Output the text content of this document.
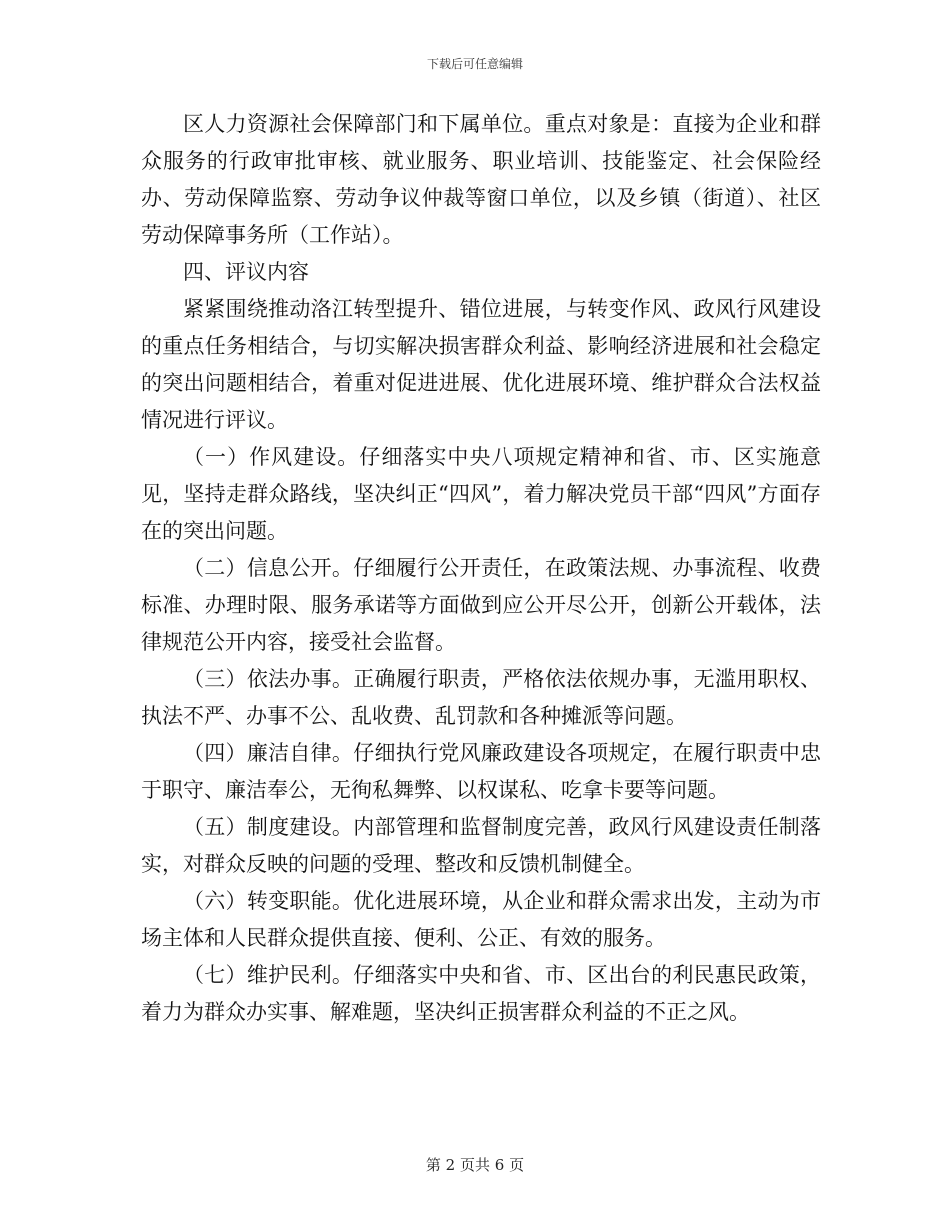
下载后可任意编辑

区人力资源社会保障部门和下属单位。重点对象是：直接为企业和群众服务的行政审批审核、就业服务、职业培训、技能鉴定、社会保险经办、劳动保障监察、劳动争议仲裁等窗口单位，以及乡镇（街道）、社区劳动保障事务所（工作站）。

四、评议内容

紧紧围绕推动洛江转型提升、错位进展，与转变作风、政风行风建设的重点任务相结合，与切实解决损害群众利益、影响经济进展和社会稳定的突出问题相结合，着重对促进进展、优化进展环境、维护群众合法权益情况进行评议。

（一）作风建设。仔细落实中央八项规定精神和省、市、区实施意见，坚持走群众路线，坚决纠正“四风”，着力解决党员干部“四风”方面存在的突出问题。

（二）信息公开。仔细履行公开责任，在政策法规、办事流程、收费标准、办理时限、服务承诺等方面做到应公开尽公开，创新公开载体，法律规范公开内容，接受社会监督。

（三）依法办事。正确履行职责，严格依法依规办事，无滥用职权、执法不严、办事不公、乱收费、乱罚款和各种摊派等问题。

（四）廉洁自律。仔细执行党风廉政建设各项规定，在履行职责中忠于职守、廉洁奉公，无徇私舞弊、以权谋私、吃拿卡要等问题。

（五）制度建设。内部管理和监督制度完善，政风行风建设责任制落实，对群众反映的问题的受理、整改和反馈机制健全。

（六）转变职能。优化进展环境，从企业和群众需求出发，主动为市场主体和人民群众提供直接、便利、公正、有效的服务。

（七）维护民利。仔细落实中央和省、市、区出台的利民惠民政策，着力为群众办实事、解难题，坚决纠正损害群众利益的不正之风。

第 2 页共 6 页
